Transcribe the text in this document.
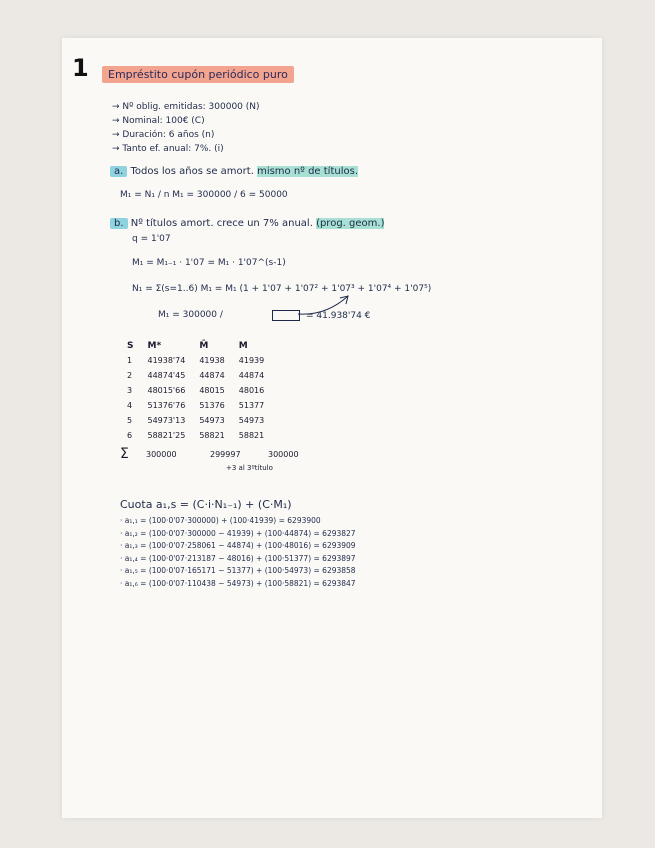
1	Empréstito cupón periódico puro
→ Nº oblig. emitidas: 300000 (N)
→ Nominal: 100€ (C)
→ Duración: 6 años (n)
→ Tanto ef. anual: 7%. (i)
a. Todos los años se amort. mismo nº de títulos.
M₁ = N₁ / n M₁ = 300000 / 6 = 50000
b. Nº títulos amort. crece un 7% anual. (prog. geom.)
q = 1'07
M₁ = M₁₋₁ · 1'07 = M₁ · 1'07^(s-1)
N₁ = Σ(s=1..6) M₁ = M₁ (1 + 1'07 + 1'07² + 1'07³ + 1'07⁴ + 1'07⁵)
M₁ = 300000 /	= 41.938'74 €
S	M*	M̄	M
1	41938'74	41938	41939
2	44874'45	44874	44874
3	48015'66	48015	48016
4	51376'76	51376	51377
5	54973'13	54973	54973
6	58821'25	58821	58821
Σ 300000	299997	300000
+3 al 3ºtítulo
Cuota a₁,s = (C·i·N₁₋₁) + (C·M₁)
· a₁,₁ = (100·0'07·300000) + (100·41939) = 6293900
· a₁,₂ = (100·0'07·300000 − 41939) + (100·44874) = 6293827
· a₁,₃ = (100·0'07·258061 − 44874) + (100·48016) = 6293909
· a₁,₄ = (100·0'07·213187 − 48016) + (100·51377) = 6293897
· a₁,₅ = (100·0'07·165171 − 51377) + (100·54973) = 6293858
· a₁,₆ = (100·0'07·110438 − 54973) + (100·58821) = 6293847
